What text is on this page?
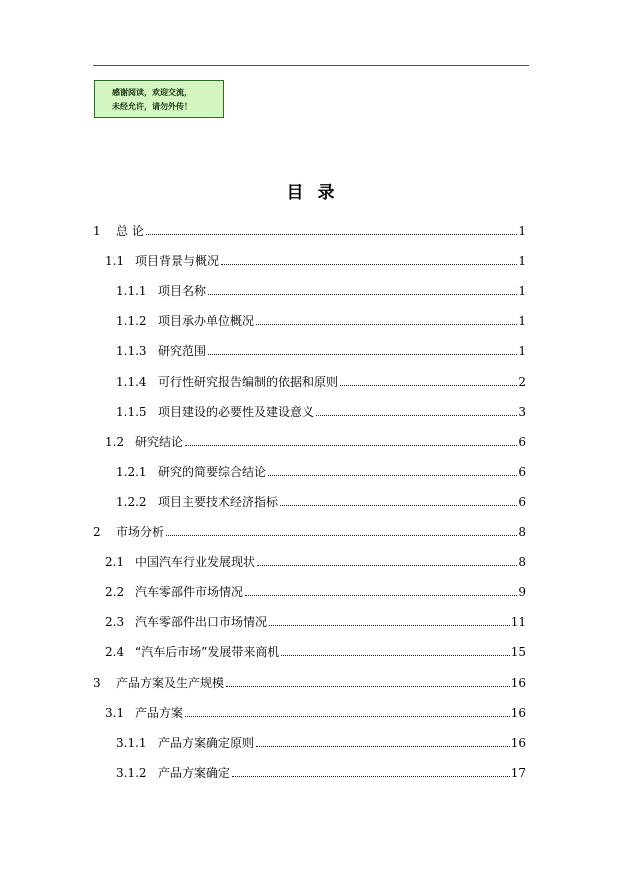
感谢阅读，欢迎交流，
未经允许，请勿外传！
目录
1	总 论	1
1.1 项目背景与概况	1
1.1.1 项目名称	1
1.1.2 项目承办单位概况	1
1.1.3 研究范围	1
1.1.4 可行性研究报告编制的依据和原则	2
1.1.5 项目建设的必要性及建设意义	3
1.2 研究结论	6
1.2.1 研究的简要综合结论	6
1.2.2 项目主要技术经济指标	6
2	市场分析	8
2.1 中国汽车行业发展现状	8
2.2 汽车零部件市场情况	9
2.3 汽车零部件出口市场情况	11
2.4 “汽车后市场”发展带来商机	15
3	产品方案及生产规模	16
3.1 产品方案	16
3.1.1 产品方案确定原则	16
3.1.2 产品方案确定	17
